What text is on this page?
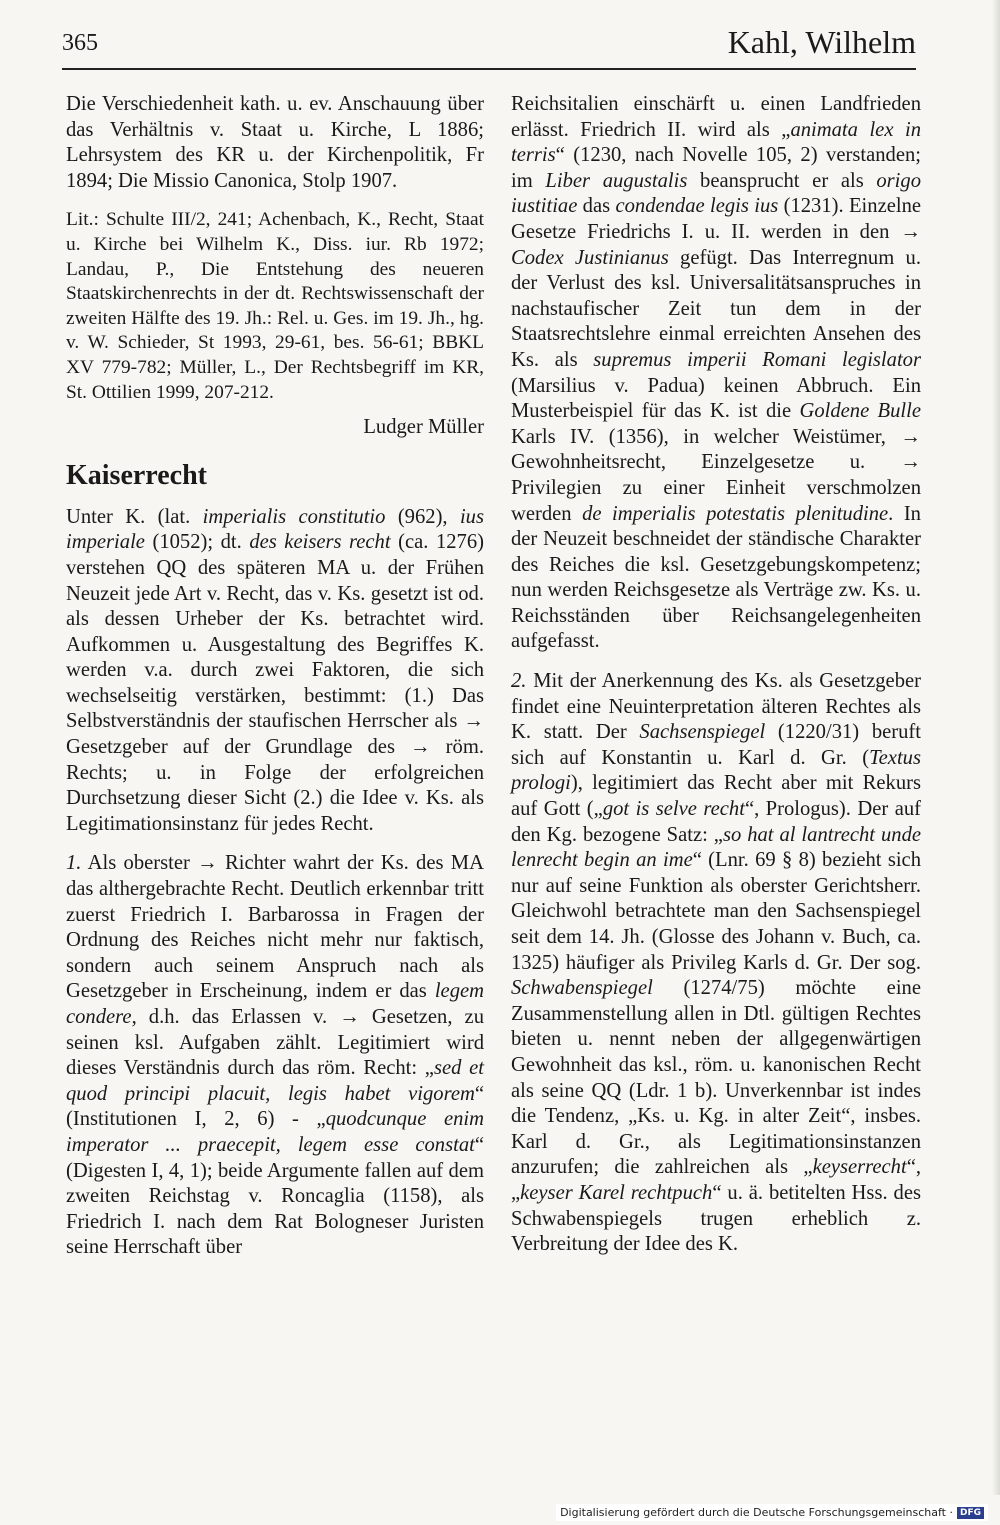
365	Kahl, Wilhelm

Die Verschiedenheit kath. u. ev. Anschauung über das Verhältnis v. Staat u. Kirche, L 1886; Lehrsystem des KR u. der Kirchenpolitik, Fr 1894; Die Missio Canonica, Stolp 1907.

Lit.: Schulte III/2, 241; Achenbach, K., Recht, Staat u. Kirche bei Wilhelm K., Diss. iur. Rb 1972; Landau, P., Die Entstehung des neueren Staatskirchenrechts in der dt. Rechtswissenschaft der zweiten Hälfte des 19. Jh.: Rel. u. Ges. im 19. Jh., hg. v. W. Schieder, St 1993, 29-61, bes. 56-61; BBKL XV 779-782; Müller, L., Der Rechtsbegriff im KR, St. Ottilien 1999, 207-212.

Ludger Müller

Kaiserrecht

Unter K. (lat. imperialis constitutio (962), ius imperiale (1052); dt. des keisers recht (ca. 1276) verstehen QQ des späteren MA u. der Frühen Neuzeit jede Art v. Recht, das v. Ks. gesetzt ist od. als dessen Urheber der Ks. betrachtet wird. Aufkommen u. Ausgestaltung des Begriffes K. werden v.a. durch zwei Faktoren, die sich wechselseitig verstärken, bestimmt: (1.) Das Selbstverständnis der staufischen Herrscher als → Gesetzgeber auf der Grundlage des → röm. Rechts; u. in Folge der erfolgreichen Durchsetzung dieser Sicht (2.) die Idee v. Ks. als Legitimationsinstanz für jedes Recht.

1. Als oberster → Richter wahrt der Ks. des MA das althergebrachte Recht. Deutlich erkennbar tritt zuerst Friedrich I. Barbarossa in Fragen der Ordnung des Reiches nicht mehr nur faktisch, sondern auch seinem Anspruch nach als Gesetzgeber in Erscheinung, indem er das legem condere, d.h. das Erlassen v. → Gesetzen, zu seinen ksl. Aufgaben zählt. Legitimiert wird dieses Verständnis durch das röm. Recht: „sed et quod principi placuit, legis habet vigorem“ (Institutionen I, 2, 6) - „quodcunque enim imperator ... praecepit, legem esse constat“ (Digesten I, 4, 1); beide Argumente fallen auf dem zweiten Reichstag v. Roncaglia (1158), als Friedrich I. nach dem Rat Bologneser Juristen seine Herrschaft über

Reichsitalien einschärft u. einen Landfrieden erlässt. Friedrich II. wird als „animata lex in terris“ (1230, nach Novelle 105, 2) verstanden; im Liber augustalis beansprucht er als origo iustitiae das condendae legis ius (1231). Einzelne Gesetze Friedrichs I. u. II. werden in den → Codex Justinianus gefügt. Das Interregnum u. der Verlust des ksl. Universalitätsanspruches in nachstaufischer Zeit tun dem in der Staatsrechtslehre einmal erreichten Ansehen des Ks. als supremus imperii Romani legislator (Marsilius v. Padua) keinen Abbruch. Ein Musterbeispiel für das K. ist die Goldene Bulle Karls IV. (1356), in welcher Weistümer, → Gewohnheitsrecht, Einzelgesetze u. → Privilegien zu einer Einheit verschmolzen werden de imperialis potestatis plenitudine. In der Neuzeit beschneidet der ständische Charakter des Reiches die ksl. Gesetzgebungskompetenz; nun werden Reichsgesetze als Verträge zw. Ks. u. Reichsständen über Reichsangelegenheiten aufgefasst.

2. Mit der Anerkennung des Ks. als Gesetzgeber findet eine Neuinterpretation älteren Rechtes als K. statt. Der Sachsenspiegel (1220/31) beruft sich auf Konstantin u. Karl d. Gr. (Textus prologi), legitimiert das Recht aber mit Rekurs auf Gott („got is selve recht“, Prologus). Der auf den Kg. bezogene Satz: „so hat al lantrecht unde lenrecht begin an ime“ (Lnr. 69 § 8) bezieht sich nur auf seine Funktion als oberster Gerichtsherr. Gleichwohl betrachtete man den Sachsenspiegel seit dem 14. Jh. (Glosse des Johann v. Buch, ca. 1325) häufiger als Privileg Karls d. Gr. Der sog. Schwabenspiegel (1274/75) möchte eine Zusammenstellung allen in Dtl. gültigen Rechtes bieten u. nennt neben der allgegenwärtigen Gewohnheit das ksl., röm. u. kanonischen Recht als seine QQ (Ldr. 1 b). Unverkennbar ist indes die Tendenz, „Ks. u. Kg. in alter Zeit“, insbes. Karl d. Gr., als Legitimationsinstanzen anzurufen; die zahlreichen als „keyserrecht“, „keyser Karel rechtpuch“ u. ä. betitelten Hss. des Schwabenspiegels trugen erheblich z. Verbreitung der Idee des K.

Digitalisierung gefördert durch die Deutsche Forschungsgemeinschaft · DFG
